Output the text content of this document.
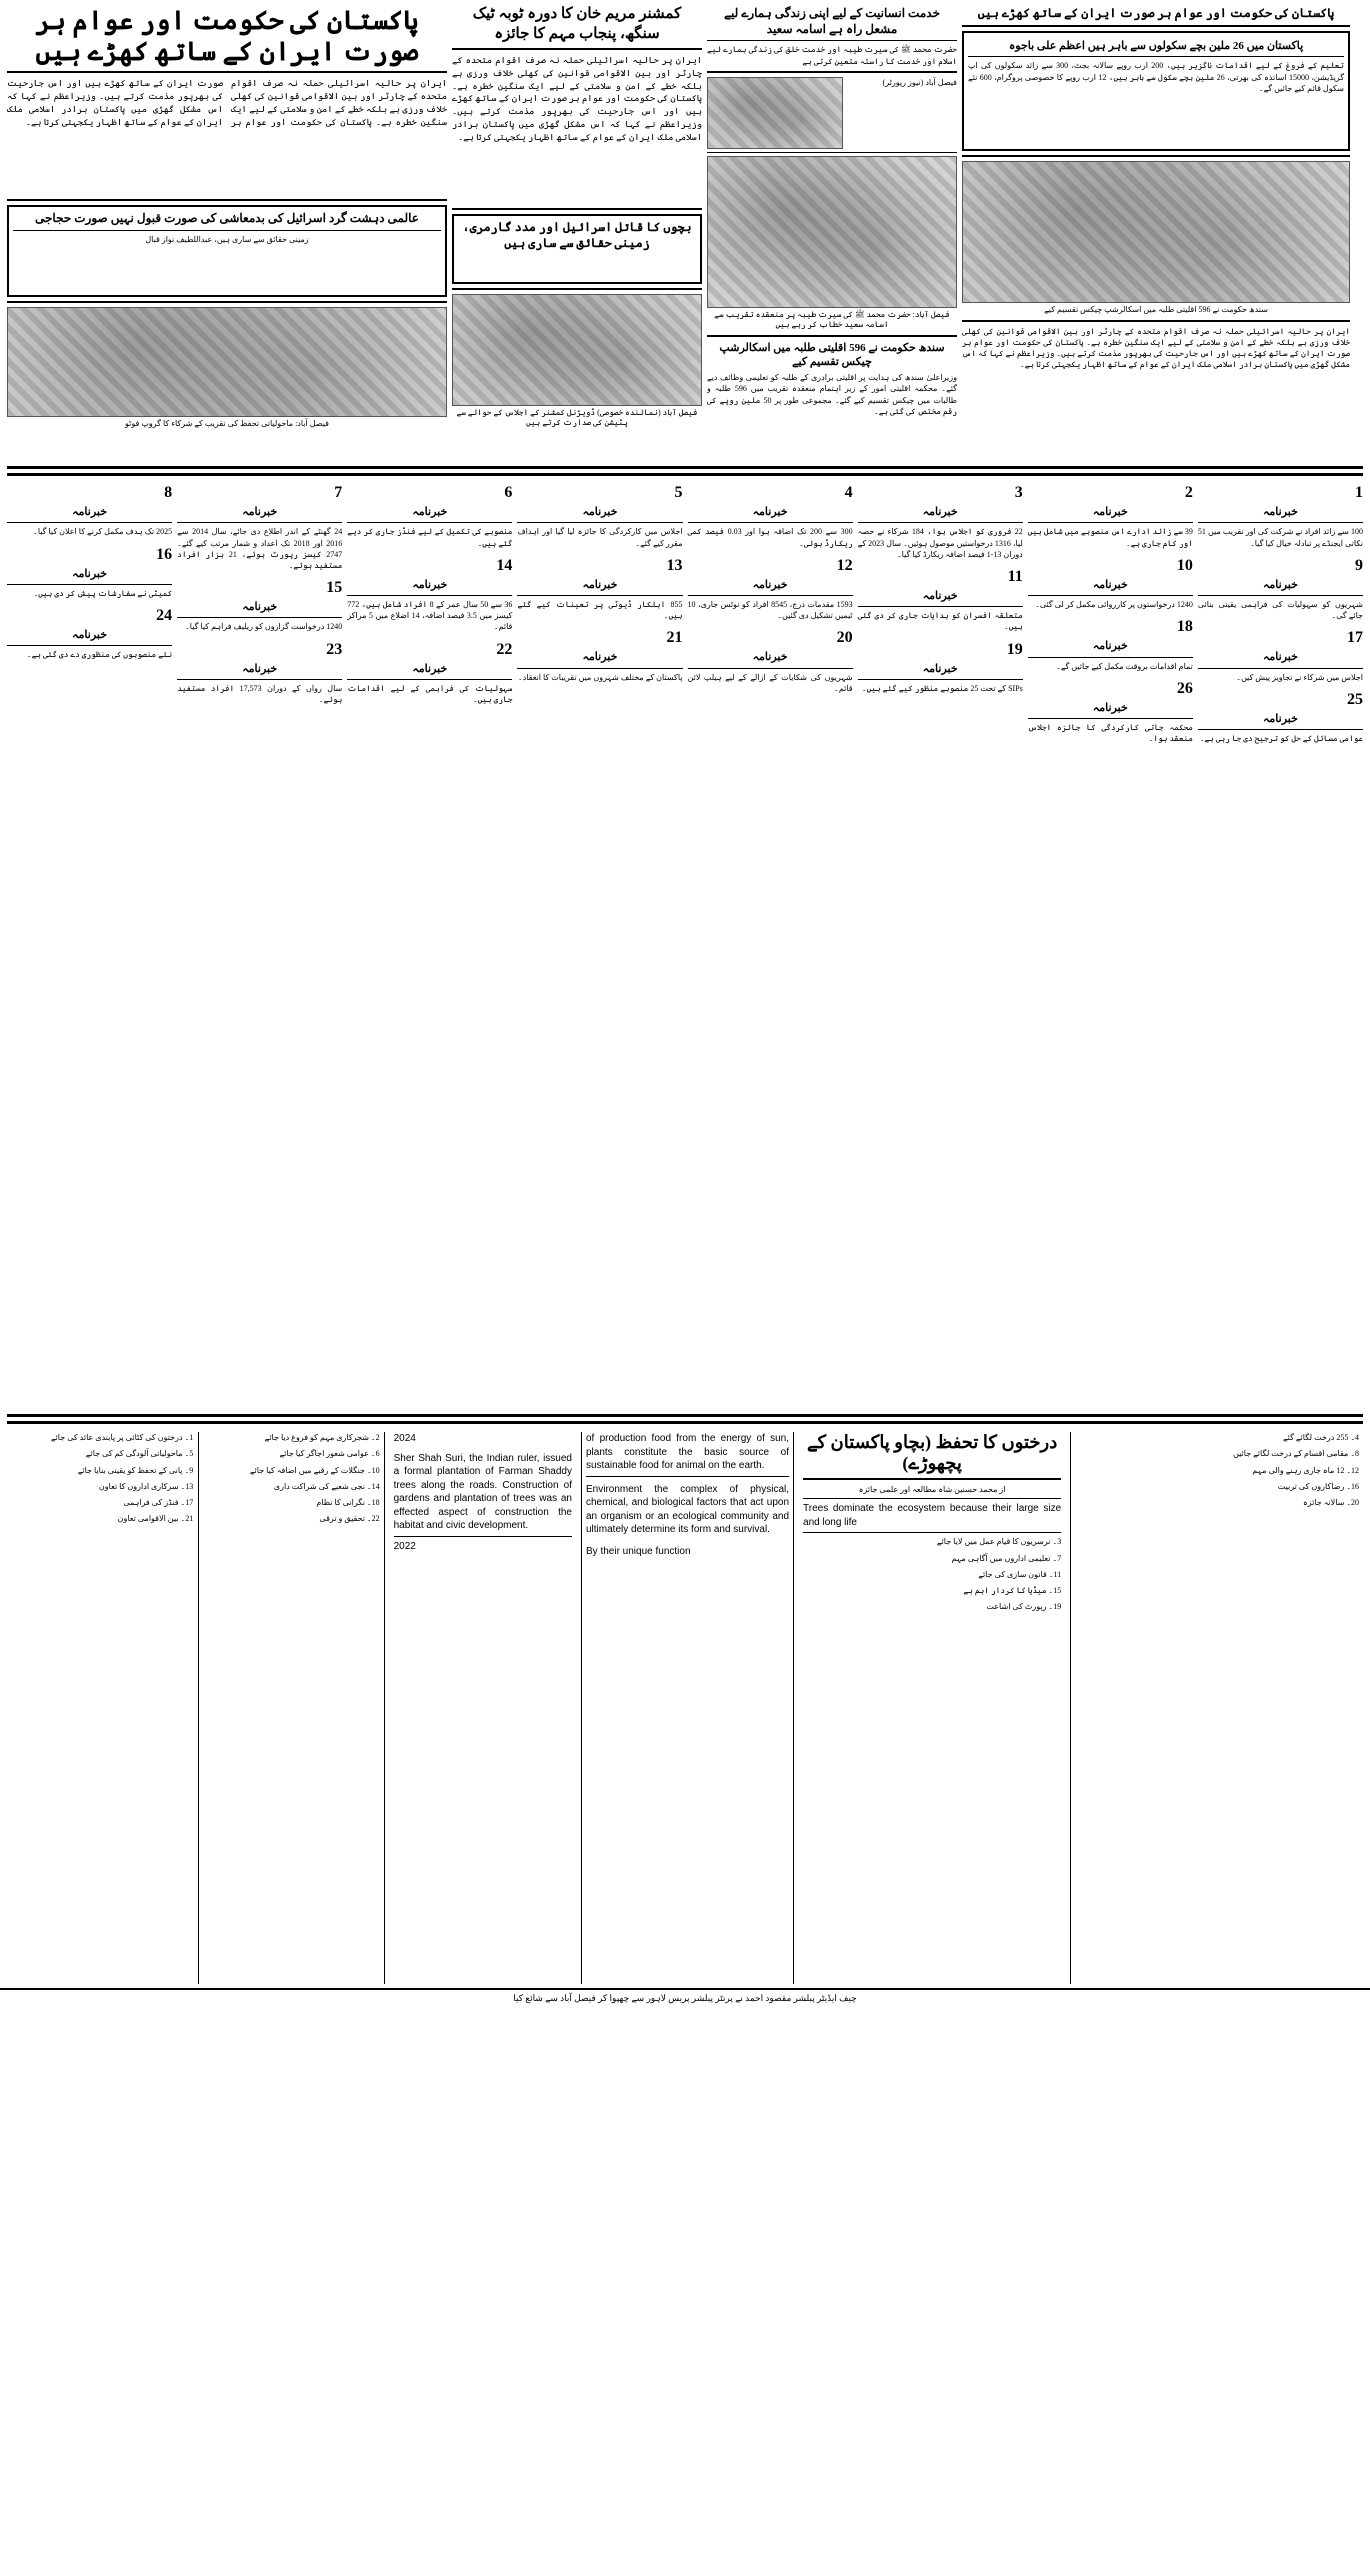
پاکستان کی حکومت اور عوام ہر صورت ایران کے ساتھ کھڑے ہیں
ایران پر حالیہ اسرائیلی حملہ نہ صرف اقوام متحدہ کے چارٹر اور بین الاقوامی قوانین کی کھلی خلاف ورزی ہے بلکہ خطے کے امن و سلامتی کے لیے ایک سنگین خطرہ ہے۔ پاکستان کی حکومت اور عوام ہر صورت ایران کے ساتھ کھڑے ہیں اور اس جارحیت کی بھرپور مذمت کرتے ہیں۔ وزیراعظم نے کہا کہ اس مشکل گھڑی میں پاکستان برادر اسلامی ملک ایران کے عوام کے ساتھ اظہار یکجہتی کرتا ہے۔
عالمی دہشت گرد اسرائیل کی بدمعاشی کی صورت قبول نہیں صورت حجاجی
زمینی حقائق سے ساری ہیں، عبداللطیف نواز قبال
فیصل آباد: ماحولیاتی تحفظ کی تقریب کے شرکاء کا گروپ فوٹو
کمشنر مریم خان کا دورہ ٹوبہ ٹیک سنگھ، پنجاب مہم کا جائزہ
ایران پر حالیہ اسرائیلی حملہ نہ صرف اقوام متحدہ کے چارٹر اور بین الاقوامی قوانین کی کھلی خلاف ورزی ہے بلکہ خطے کے امن و سلامتی کے لیے ایک سنگین خطرہ ہے۔ پاکستان کی حکومت اور عوام ہر صورت ایران کے ساتھ کھڑے ہیں اور اس جارحیت کی بھرپور مذمت کرتے ہیں۔ وزیراعظم نے کہا کہ اس مشکل گھڑی میں پاکستان برادر اسلامی ملک ایران کے عوام کے ساتھ اظہار یکجہتی کرتا ہے۔
بچوں کا قاتل اسرائیل اور مدد گارمری، زمینی حقائق سے ساری ہیں
فیصل آباد (نمائندہ خصوصی) ڈویژنل کمشنر کے اجلاس کے حوالے سے پٹیشن کی صدارت کرتے ہیں
خدمت انسانیت کے لیے اپنی زندگی ہمارے لیے مشعل راہ ہے اسامہ سعید
حضرت محمد ﷺ کی سیرت طیبہ اور خدمت خلق کی زندگی ہمارے لیے اسلام اور خدمت کا راستہ متعین کرتی ہے
فیصل آباد (نیوز رپورٹر)
فیصل آباد: حضرت محمد ﷺ کی سیرت طیبہ پر منعقدہ تقریب سے اسامہ سعید خطاب کر رہے ہیں
سندھ حکومت نے 596 اقلیتی طلبہ میں اسکالرشپ چیکس تقسیم کیے
وزیراعلیٰ سندھ کی ہدایت پر اقلیتی برادری کے طلبہ کو تعلیمی وظائف دیے گئے۔ محکمہ اقلیتی امور کے زیر اہتمام منعقدہ تقریب میں 596 طلبہ و طالبات میں چیکس تقسیم کیے گئے۔ مجموعی طور پر 50 ملین روپے کی رقم مختص کی گئی ہے۔
پاکستان کی حکومت اور عوام ہر صورت ایران کے ساتھ کھڑے ہیں
پاکستان میں 26 ملین بچے سکولوں سے باہر ہیں اعظم علی باجوہ
تعلیم کے فروغ کے لیے اقدامات ناگزیر ہیں، 200 ارب روپے سالانہ بجٹ، 300 سے زائد سکولوں کی اپ گریڈیشن، 15000 اساتذہ کی بھرتی، 26 ملین بچے سکول سے باہر ہیں، 12 ارب روپے کا خصوصی پروگرام، 600 نئے سکول قائم کیے جائیں گے۔
سندھ حکومت نے 596 اقلیتی طلبہ میں اسکالرشپ چیکس تقسیم کیے
ایران پر حالیہ اسرائیلی حملہ نہ صرف اقوام متحدہ کے چارٹر اور بین الاقوامی قوانین کی کھلی خلاف ورزی ہے بلکہ خطے کے امن و سلامتی کے لیے ایک سنگین خطرہ ہے۔ پاکستان کی حکومت اور عوام ہر صورت ایران کے ساتھ کھڑے ہیں اور اس جارحیت کی بھرپور مذمت کرتے ہیں۔ وزیراعظم نے کہا کہ اس مشکل گھڑی میں پاکستان برادر اسلامی ملک ایران کے عوام کے ساتھ اظہار یکجہتی کرتا ہے۔
8
خبرنامہ
2025 تک ہدف مکمل کرنے کا اعلان کیا گیا۔
16
خبرنامہ
کمیٹی نے سفارشات پیش کر دی ہیں۔
24
خبرنامہ
نئے منصوبوں کی منظوری دے دی گئی ہے۔
7
خبرنامہ
24 گھنٹے کے اندر اطلاع دی جائے، سال 2014 سے 2016 اور 2018 تک اعداد و شمار مرتب کیے گئے۔ 2747 کیسز رپورٹ ہوئے، 21 ہزار افراد مستفید ہوئے۔
15
خبرنامہ
1240 درخواست گزاروں کو ریلیف فراہم کیا گیا۔
23
خبرنامہ
سال رواں کے دوران 17,573 افراد مستفید ہوئے۔
6
خبرنامہ
منصوبے کی تکمیل کے لیے فنڈز جاری کر دیے گئے ہیں۔
14
خبرنامہ
36 سے 50 سال عمر کے 8 افراد شامل ہیں، 772 کیسز میں 3.5 فیصد اضافہ، 14 اضلاع میں 5 مراکز قائم۔
22
خبرنامہ
سہولیات کی فراہمی کے لیے اقدامات جاری ہیں۔
5
خبرنامہ
اجلاس میں کارکردگی کا جائزہ لیا گیا اور اہداف مقرر کیے گئے۔
13
خبرنامہ
855 اہلکار ڈیوٹی پر تعینات کیے گئے ہیں۔
21
خبرنامہ
پاکستان کے مختلف شہروں میں تقریبات کا انعقاد۔
4
خبرنامہ
300 سے 200 تک اضافہ ہوا اور 0.03 فیصد کمی ریکارڈ ہوئی۔
12
خبرنامہ
1593 مقدمات درج، 8545 افراد کو نوٹس جاری، 10 ٹیمیں تشکیل دی گئیں۔
20
خبرنامہ
شہریوں کی شکایات کے ازالے کے لیے ہیلپ لائن قائم۔
3
خبرنامہ
22 فروری کو اجلاس ہوا، 184 شرکاء نے حصہ لیا، 1316 درخواستیں موصول ہوئیں۔ سال 2023 کے دوران 13-1 فیصد اضافہ ریکارڈ کیا گیا۔
11
خبرنامہ
متعلقہ افسران کو ہدایات جاری کر دی گئی ہیں۔
19
خبرنامہ
SIPs کے تحت 25 منصوبے منظور کیے گئے ہیں۔
2
خبرنامہ
39 سے زائد ادارے اس منصوبے میں شامل ہیں اور کام جاری ہے۔
10
خبرنامہ
1240 درخواستوں پر کارروائی مکمل کر لی گئی۔
18
خبرنامہ
تمام اقدامات بروقت مکمل کیے جائیں گے۔
26
خبرنامہ
محکمہ جاتی کارکردگی کا جائزہ اجلاس منعقد ہوا۔
1
خبرنامہ
100 سے زائد افراد نے شرکت کی اور تقریب میں 51 نکاتی ایجنڈے پر تبادلہ خیال کیا گیا۔
9
خبرنامہ
شہریوں کو سہولیات کی فراہمی یقینی بنائی جائے گی۔
17
خبرنامہ
اجلاس میں شرکاء نے تجاویز پیش کیں۔
25
خبرنامہ
عوامی مسائل کے حل کو ترجیح دی جا رہی ہے۔
1۔ درختوں کی کٹائی پر پابندی عائد کی جائے
5۔ ماحولیاتی آلودگی کم کی جائے
9۔ پانی کے تحفظ کو یقینی بنایا جائے
13۔ سرکاری اداروں کا تعاون
17۔ فنڈز کی فراہمی
21۔ بین الاقوامی تعاون
2۔ شجرکاری مہم کو فروغ دیا جائے
6۔ عوامی شعور اجاگر کیا جائے
10۔ جنگلات کے رقبے میں اضافہ کیا جائے
14۔ نجی شعبے کی شراکت داری
18۔ نگرانی کا نظام
22۔ تحقیق و ترقی
2024
Sher Shah Suri, the Indian ruler, issued a formal plantation of Farman Shaddy trees along the roads. Construction of gardens and plantation of trees was an effected aspect of construction the habitat and civic development.
2022
of production food from the energy of sun, plants constitute the basic source of sustainable food for animal on the earth.
Environment the complex of physical, chemical, and biological factors that act upon an organism or an ecological community and ultimately determine its form and survival.
By their unique function
درختوں کا تحفظ (بچاو پاکستان کے پچھوڑے)
از محمد حسنین شاہ مطالعہ اور علمی جائزہ
Trees dominate the ecosystem because their large size and long life
3۔ نرسریوں کا قیام عمل میں لایا جائے
7۔ تعلیمی اداروں میں آگاہی مہم
11۔ قانون سازی کی جائے
15۔ میڈیا کا کردار اہم ہے
19۔ رپورٹ کی اشاعت
4۔ 255 درخت لگائے گئے
8۔ مقامی اقسام کے درخت لگائے جائیں
12۔ 12 ماہ جاری رہنے والی مہم
16۔ رضاکاروں کی تربیت
20۔ سالانہ جائزہ
چیف ایڈیٹر پبلشر مقصود احمد نے پرنٹر پبلشر پریس لاہور سے چھپوا کر فیصل آباد سے شائع کیا
